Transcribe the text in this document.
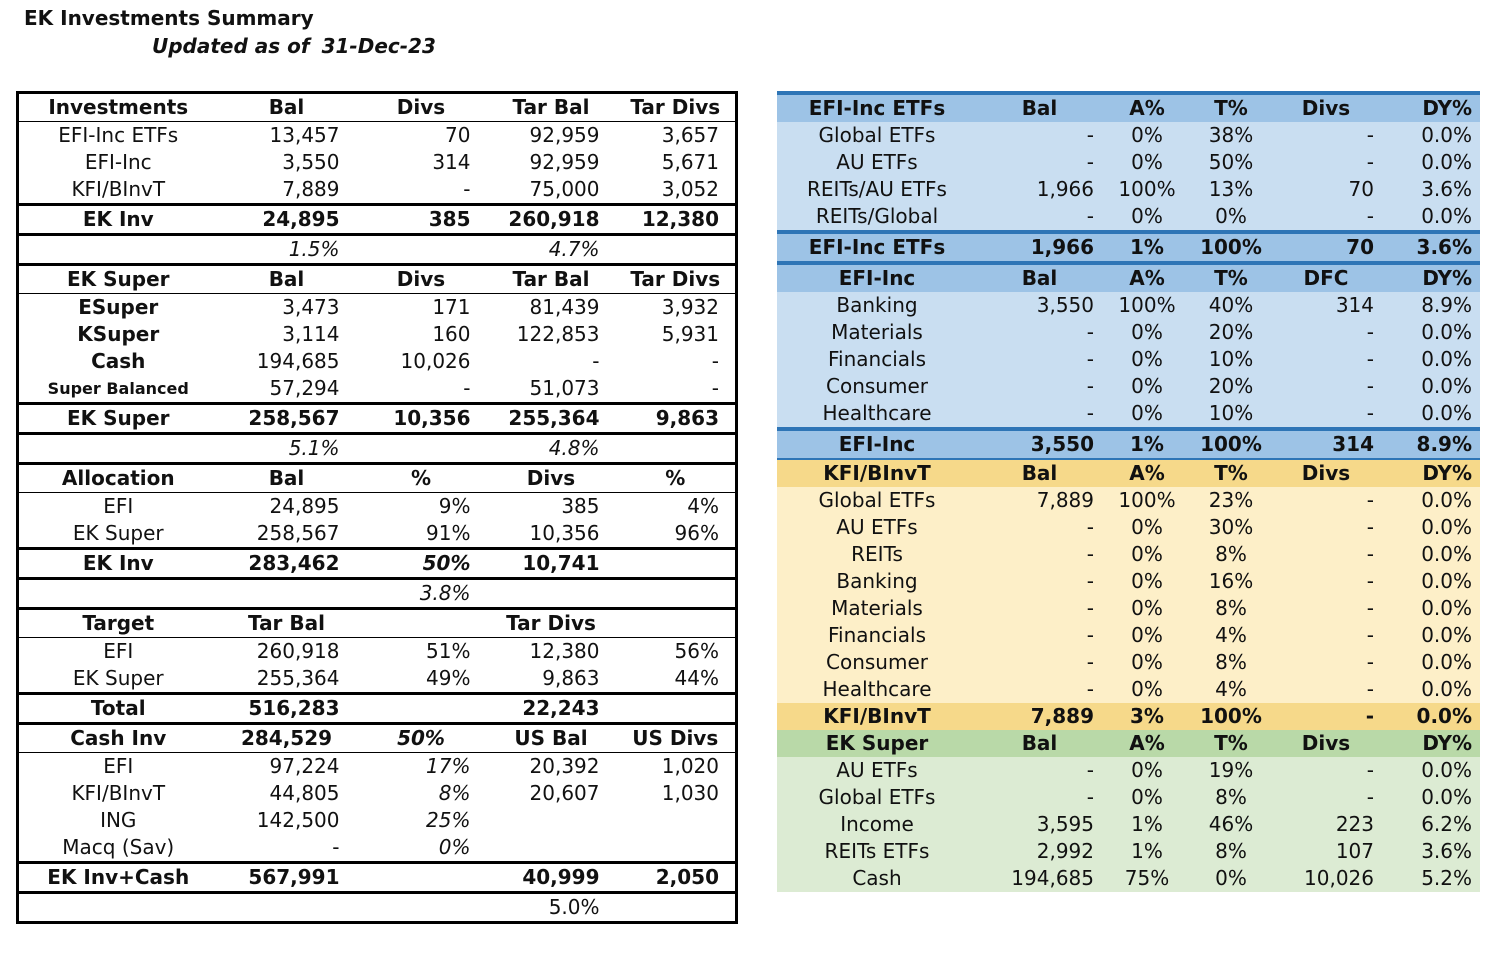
EK Investments Summary
Updated as of 31-Dec-23
Investments	Bal	Divs	Tar Bal	Tar Divs
EFI-Inc ETFs	13,457	70	92,959	3,657
EFI-Inc	3,550	314	92,959	5,671
KFI/BInvT	7,889	-	75,000	3,052
EK Inv	24,895	385	260,918	12,380
	1.5%		4.7%	
EK Super	Bal	Divs	Tar Bal	Tar Divs
ESuper	3,473	171	81,439	3,932
KSuper	3,114	160	122,853	5,931
Cash	194,685	10,026	-	-
Super Balanced	57,294	-	51,073	-
EK Super	258,567	10,356	255,364	9,863
	5.1%		4.8%	
Allocation	Bal	%	Divs	%
EFI	24,895	9%	385	4%
EK Super	258,567	91%	10,356	96%
EK Inv	283,462	50%	10,741	
		3.8%		
Target	Tar Bal		Tar Divs	
EFI	260,918	51%	12,380	56%
EK Super	255,364	49%	9,863	44%
Total	516,283		22,243	
Cash Inv	284,529	50%	US Bal	US Divs
EFI	97,224	17%	20,392	1,020
KFI/BInvT	44,805	8%	20,607	1,030
ING	142,500	25%		
Macq (Sav)	-	0%		
EK Inv+Cash	567,991		40,999	2,050
			5.0%	
EFI-Inc ETFs	Bal	A%	T%	Divs	DY%
Global ETFs	-	0%	38%	-	0.0%
AU ETFs	-	0%	50%	-	0.0%
REITs/AU ETFs	1,966	100%	13%	70	3.6%
REITs/Global	-	0%	0%	-	0.0%
EFI-Inc ETFs	1,966	1%	100%	70	3.6%
EFI-Inc	Bal	A%	T%	DFC	DY%
Banking	3,550	100%	40%	314	8.9%
Materials	-	0%	20%	-	0.0%
Financials	-	0%	10%	-	0.0%
Consumer	-	0%	20%	-	0.0%
Healthcare	-	0%	10%	-	0.0%
EFI-Inc	3,550	1%	100%	314	8.9%
KFI/BInvT	Bal	A%	T%	Divs	DY%
Global ETFs	7,889	100%	23%	-	0.0%
AU ETFs	-	0%	30%	-	0.0%
REITs	-	0%	8%	-	0.0%
Banking	-	0%	16%	-	0.0%
Materials	-	0%	8%	-	0.0%
Financials	-	0%	4%	-	0.0%
Consumer	-	0%	8%	-	0.0%
Healthcare	-	0%	4%	-	0.0%
KFI/BInvT	7,889	3%	100%	-	0.0%
EK Super	Bal	A%	T%	Divs	DY%
AU ETFs	-	0%	19%	-	0.0%
Global ETFs	-	0%	8%	-	0.0%
Income	3,595	1%	46%	223	6.2%
REITs ETFs	2,992	1%	8%	107	3.6%
Cash	194,685	75%	0%	10,026	5.2%
